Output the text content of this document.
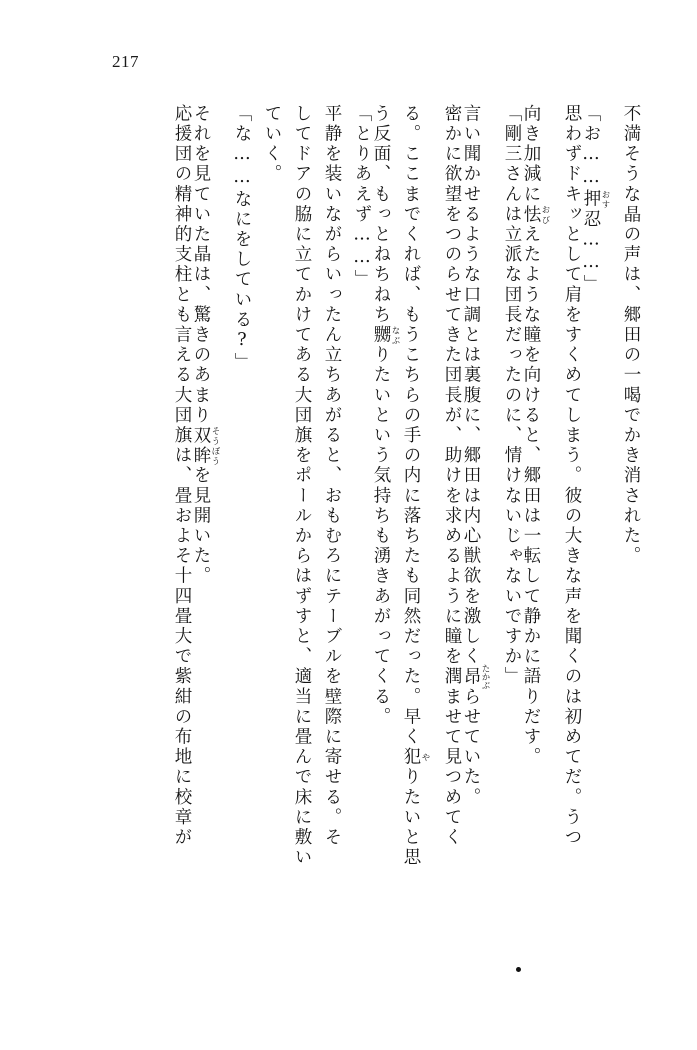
217
不満そうな晶の声は、郷田の一喝でかき消された。
「お……押 おす忍……」
思わずドキッとして肩をすくめてしまう。彼の大きな声を聞くのは初めてだ。うつ
向き加減に怯 おびえたような瞳を向けると、郷田は一転して静かに語りだす。
「剛三さんは立派な団長だったのに、情けないじゃないですか」
言い聞かせるような口調とは裏腹に、郷田は内心獣欲を激しく昂 たかぶらせていた。
密かに欲望をつのらせてきた団長が、助けを求めるように瞳を潤ませて見つめてく
る。ここまでくれば、もうこちらの手の内に落ちたも同然だった。早く犯 やりたいと思
う反面、もっとねちねち嬲 なぶりたいという気持ちも湧きあがってくる。
「とりあえず……」
平静を装いながらいったん立ちあがると、おもむろにテーブルを壁際に寄せる。そ
してドアの脇に立てかけてある大団旗をポールからはずすと、適当に畳んで床に敷い
ていく。
「な……なにをしている?」
それを見ていた晶は、驚きのあまり双眸 そうぼうを見開いた。
応援団の精神的支柱とも言える大団旗は、畳およそ十四畳大で紫紺の布地に校章が
